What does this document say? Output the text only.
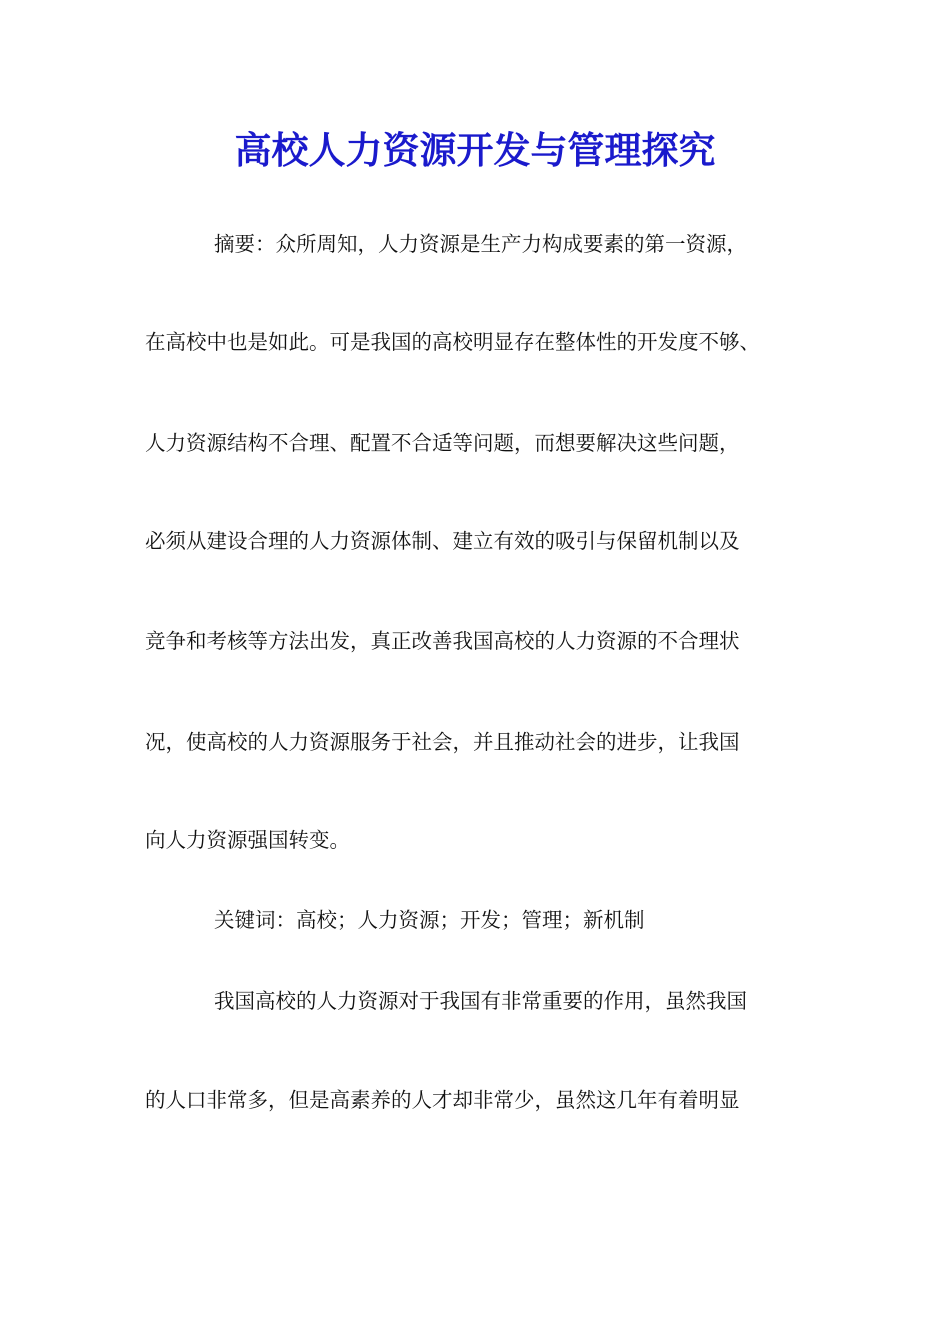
高校人力资源开发与管理探究
摘要：众所周知，人力资源是生产力构成要素的第一资源，
在高校中也是如此。可是我国的高校明显存在整体性的开发度不够、
人力资源结构不合理、配置不合适等问题，而想要解决这些问题，
必须从建设合理的人力资源体制、建立有效的吸引与保留机制以及
竞争和考核等方法出发，真正改善我国高校的人力资源的不合理状
况，使高校的人力资源服务于社会，并且推动社会的进步，让我国
向人力资源强国转变。
关键词：高校；人力资源；开发；管理；新机制
我国高校的人力资源对于我国有非常重要的作用，虽然我国
的人口非常多，但是高素养的人才却非常少，虽然这几年有着明显
